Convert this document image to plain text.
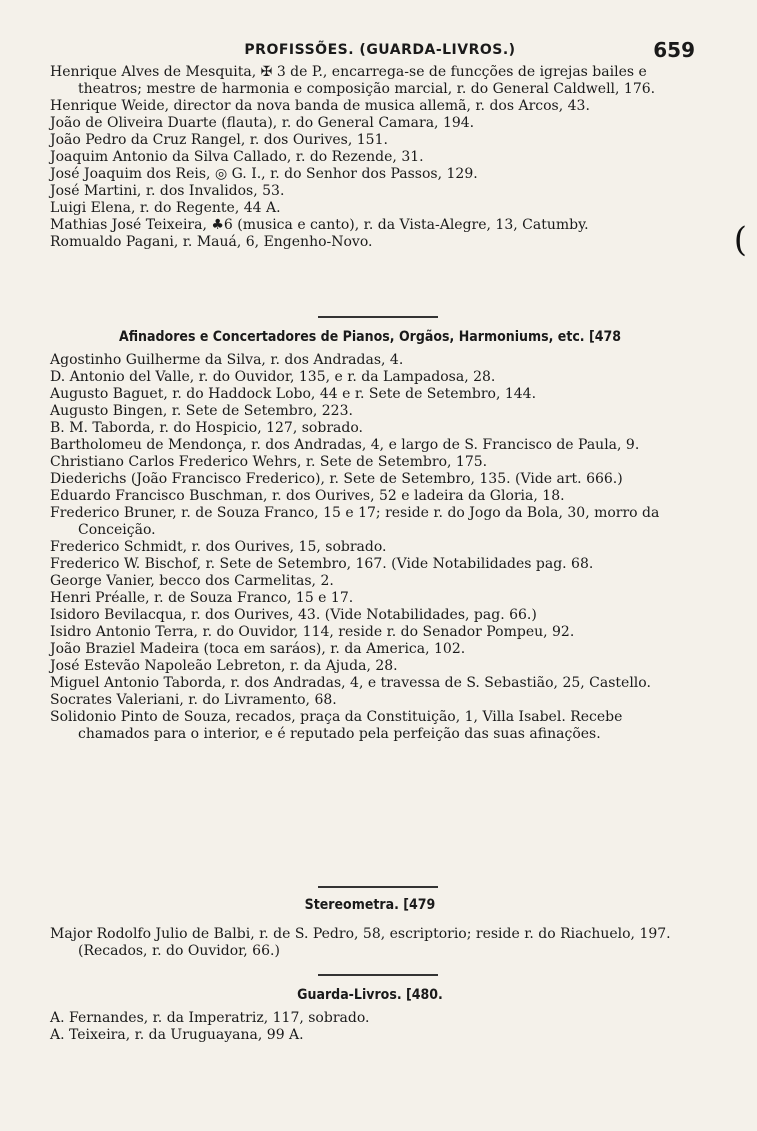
PROFISSÕES. (GUARDA-LIVROS.)	659
Henrique Alves de Mesquita, ✠ 3 de P., encarrega-se de funcções de igrejas bailes e theatros; mestre de harmonia e composição marcial, r. do General Caldwell, 176.
Henrique Weide, director da nova banda de musica allemã, r. dos Arcos, 43.
João de Oliveira Duarte (flauta), r. do General Camara, 194.
João Pedro da Cruz Rangel, r. dos Ourives, 151.
Joaquim Antonio da Silva Callado, r. do Rezende, 31.
José Joaquim dos Reis, ◎ G. I., r. do Senhor dos Passos, 129.
José Martini, r. dos Invalidos, 53.
Luigi Elena, r. do Regente, 44 A.
Mathias José Teixeira, ♣6 (musica e canto), r. da Vista-Alegre, 13, Catumby.
Romualdo Pagani, r. Mauá, 6, Engenho-Novo.
Afinadores e Concertadores de Pianos, Orgãos, Harmoniums, etc. [478
Agostinho Guilherme da Silva, r. dos Andradas, 4.
D. Antonio del Valle, r. do Ouvidor, 135, e r. da Lampadosa, 28.
Augusto Baguet, r. do Haddock Lobo, 44 e r. Sete de Setembro, 144.
Augusto Bingen, r. Sete de Setembro, 223.
B. M. Taborda, r. do Hospicio, 127, sobrado.
Bartholomeu de Mendonça, r. dos Andradas, 4, e largo de S. Francisco de Paula, 9.
Christiano Carlos Frederico Wehrs, r. Sete de Setembro, 175.
Diederichs (João Francisco Frederico), r. Sete de Setembro, 135. (Vide art. 666.)
Eduardo Francisco Buschman, r. dos Ourives, 52 e ladeira da Gloria, 18.
Frederico Bruner, r. de Souza Franco, 15 e 17; reside r. do Jogo da Bola, 30, morro da Conceição.
Frederico Schmidt, r. dos Ourives, 15, sobrado.
Frederico W. Bischof, r. Sete de Setembro, 167. (Vide Notabilidades pag. 68.
George Vanier, becco dos Carmelitas, 2.
Henri Préalle, r. de Souza Franco, 15 e 17.
Isidoro Bevilacqua, r. dos Ourives, 43. (Vide Notabilidades, pag. 66.)
Isidro Antonio Terra, r. do Ouvidor, 114, reside r. do Senador Pompeu, 92.
João Braziel Madeira (toca em saráos), r. da America, 102.
José Estevão Napoleão Lebreton, r. da Ajuda, 28.
Miguel Antonio Taborda, r. dos Andradas, 4, e travessa de S. Sebastião, 25, Castello.
Socrates Valeriani, r. do Livramento, 68.
Solidonio Pinto de Souza, recados, praça da Constituição, 1, Villa Isabel. Recebe chamados para o interior, e é reputado pela perfeição das suas afinações.
Stereometra. [479
Major Rodolfo Julio de Balbi, r. de S. Pedro, 58, escriptorio; reside r. do Riachuelo, 197. (Recados, r. do Ouvidor, 66.)
Guarda-Livros. [480.
A. Fernandes, r. da Imperatriz, 117, sobrado.
A. Teixeira, r. da Uruguayana, 99 A.
(
